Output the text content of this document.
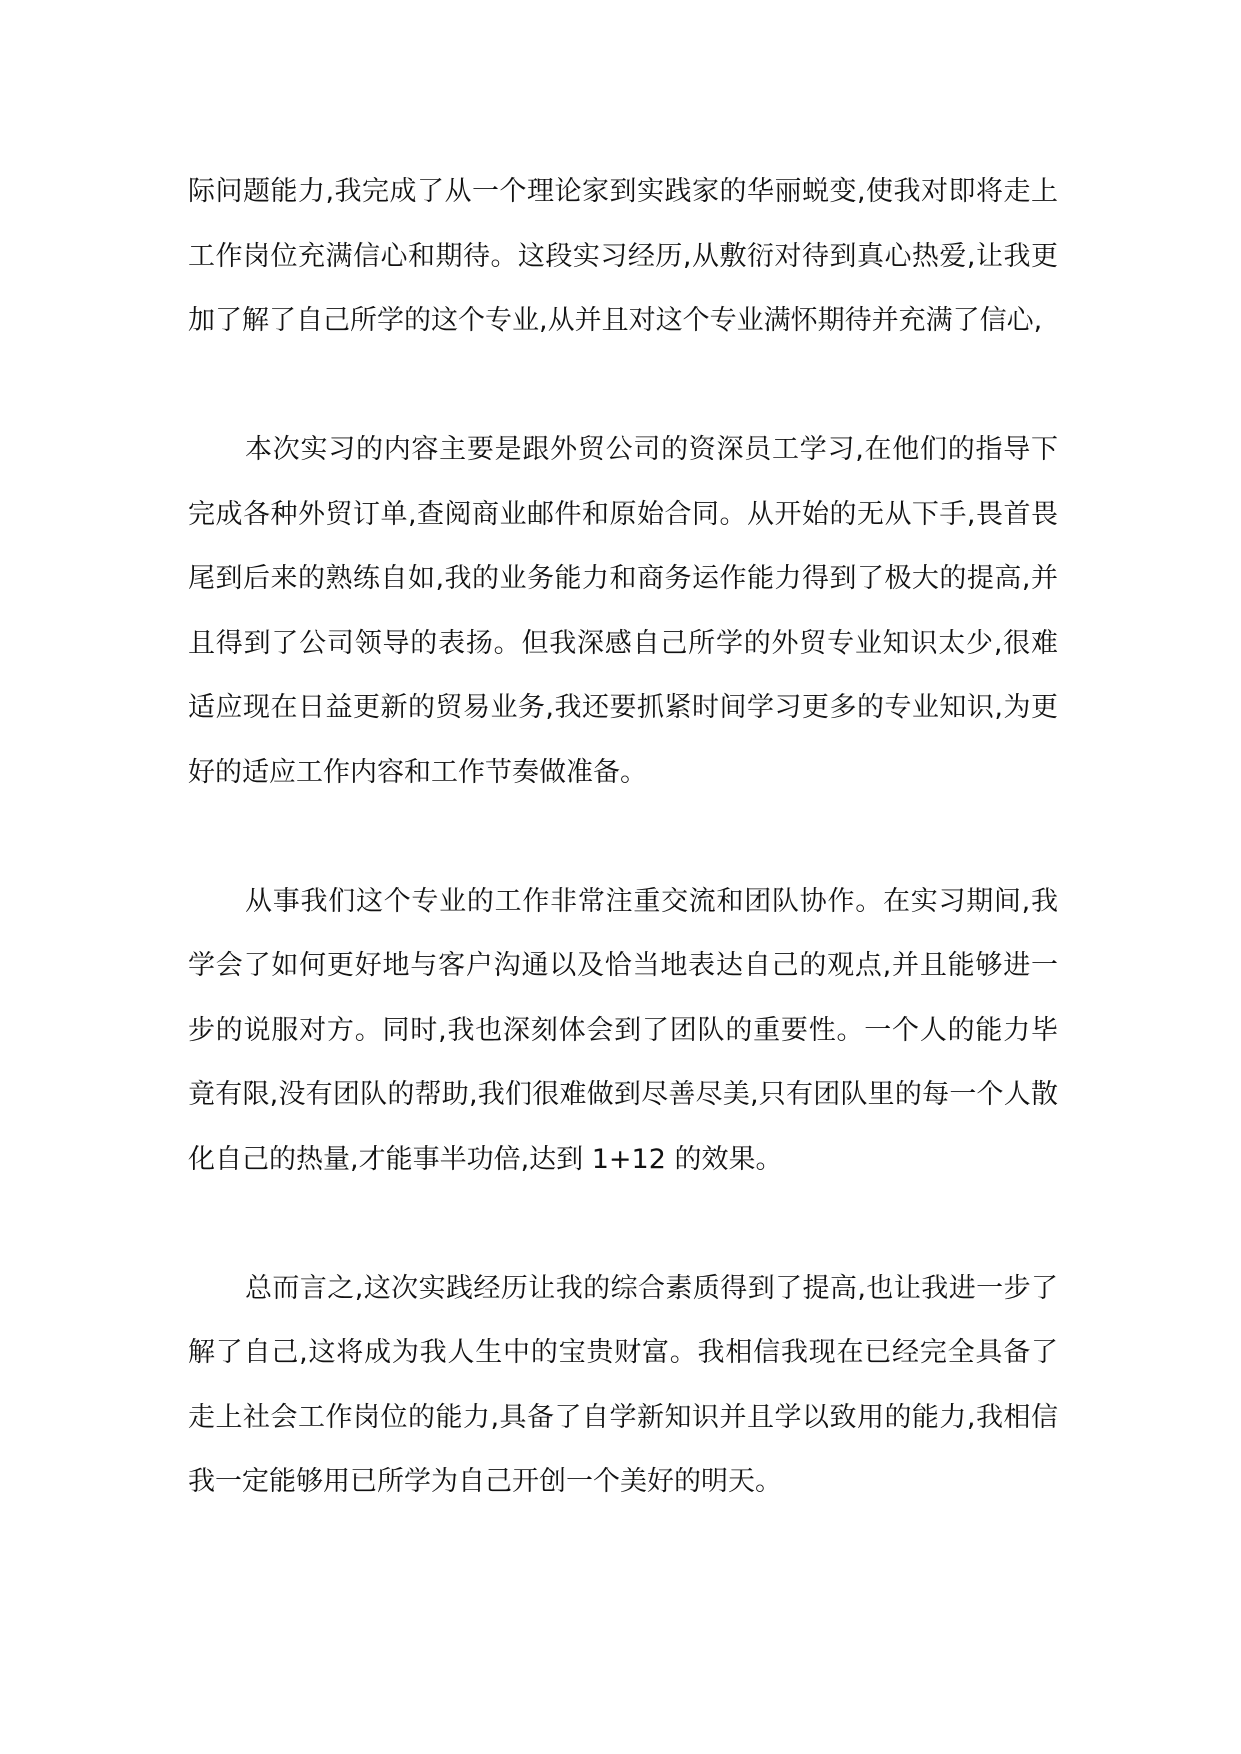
际问题能力,我完成了从一个理论家到实践家的华丽蜕变,使我对即将走上工作岗位充满信心和期待。这段实习经历,从敷衍对待到真心热爱,让我更加了解了自己所学的这个专业,从并且对这个专业满怀期待并充满了信心,

本次实习的内容主要是跟外贸公司的资深员工学习,在他们的指导下完成各种外贸订单,查阅商业邮件和原始合同。从开始的无从下手,畏首畏尾到后来的熟练自如,我的业务能力和商务运作能力得到了极大的提高,并且得到了公司领导的表扬。但我深感自己所学的外贸专业知识太少,很难适应现在日益更新的贸易业务,我还要抓紧时间学习更多的专业知识,为更好的适应工作内容和工作节奏做准备。

从事我们这个专业的工作非常注重交流和团队协作。在实习期间,我学会了如何更好地与客户沟通以及恰当地表达自己的观点,并且能够进一步的说服对方。同时,我也深刻体会到了团队的重要性。一个人的能力毕竟有限,没有团队的帮助,我们很难做到尽善尽美,只有团队里的每一个人散化自己的热量,才能事半功倍,达到 1+12 的效果。

总而言之,这次实践经历让我的综合素质得到了提高,也让我进一步了解了自己,这将成为我人生中的宝贵财富。我相信我现在已经完全具备了走上社会工作岗位的能力,具备了自学新知识并且学以致用的能力,我相信我一定能够用已所学为自己开创一个美好的明天。
